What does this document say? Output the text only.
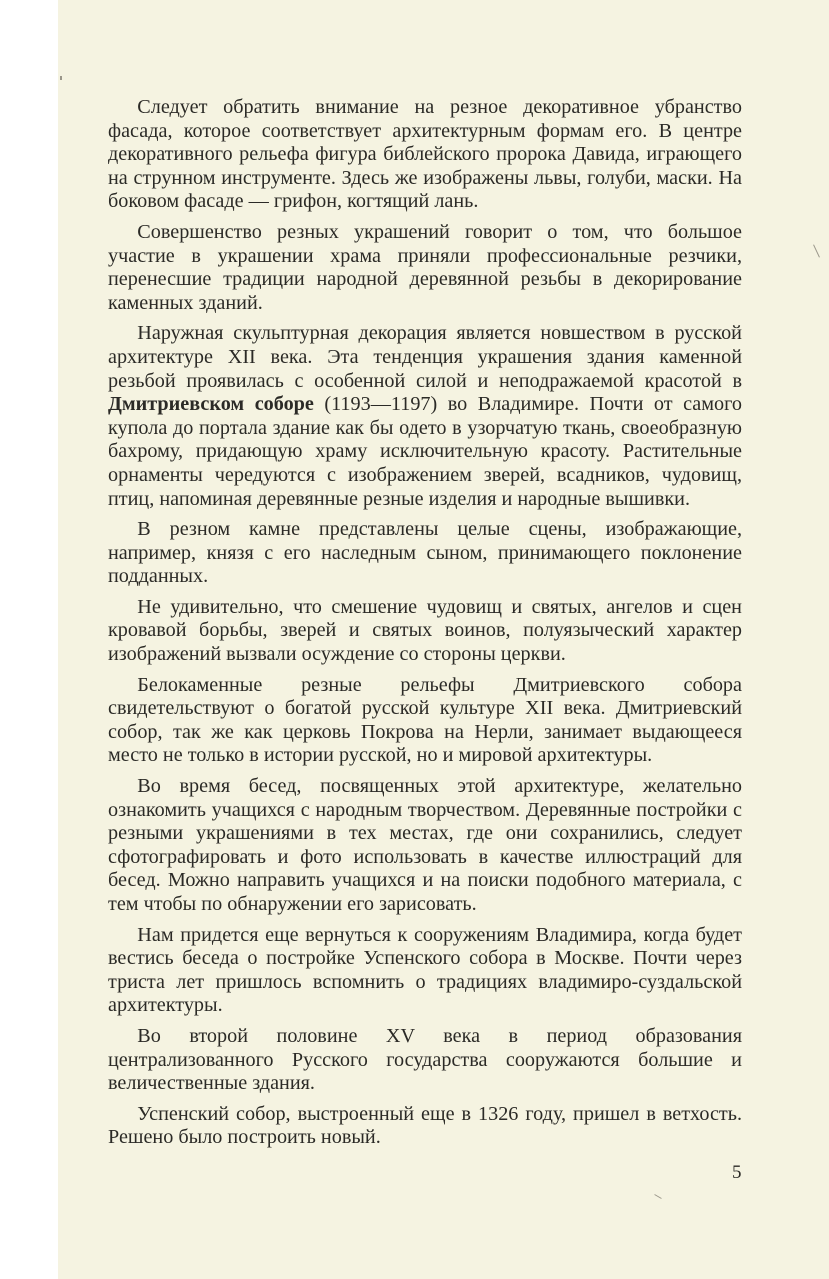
Следует обратить внимание на резное декоративное убранство фасада, которое соответствует архитектурным формам его. В центре декоративного рельефа фигура библейского пророка Давида, играющего на струнном инструменте. Здесь же изображены львы, голуби, маски. На боковом фасаде — грифон, когтящий лань.

Совершенство резных украшений говорит о том, что большое участие в украшении храма приняли профессиональные резчики, перенесшие традиции народной деревянной резьбы в декорирование каменных зданий.

Наружная скульптурная декорация является новшеством в русской архитектуре XII века. Эта тенденция украшения здания каменной резьбой проявилась с особенной силой и неподражаемой красотой в Дмитриевском соборе (1193—1197) во Владимире. Почти от самого купола до портала здание как бы одето в узорчатую ткань, своеобразную бахрому, придающую храму исключительную красоту. Растительные орнаменты чередуются с изображением зверей, всадников, чудовищ, птиц, напоминая деревянные резные изделия и народные вышивки.

В резном камне представлены целые сцены, изображающие, например, князя с его наследным сыном, принимающего поклонение подданных.

Не удивительно, что смешение чудовищ и святых, ангелов и сцен кровавой борьбы, зверей и святых воинов, полуязыческий характер изображений вызвали осуждение со стороны церкви.

Белокаменные резные рельефы Дмитриевского собора свидетельствуют о богатой русской культуре XII века. Дмитриевский собор, так же как церковь Покрова на Нерли, занимает выдающееся место не только в истории русской, но и мировой архитектуры.

Во время бесед, посвященных этой архитектуре, желательно ознакомить учащихся с народным творчеством. Деревянные постройки с резными украшениями в тех местах, где они сохранились, следует сфотографировать и фото использовать в качестве иллюстраций для бесед. Можно направить учащихся и на поиски подобного материала, с тем чтобы по обнаружении его зарисовать.

Нам придется еще вернуться к сооружениям Владимира, когда будет вестись беседа о постройке Успенского собора в Москве. Почти через триста лет пришлось вспомнить о традициях владимиро-суздальской архитектуры.

Во второй половине XV века в период образования централизованного Русского государства сооружаются большие и величественные здания.

Успенский собор, выстроенный еще в 1326 году, пришел в ветхость. Решено было построить новый.

5
